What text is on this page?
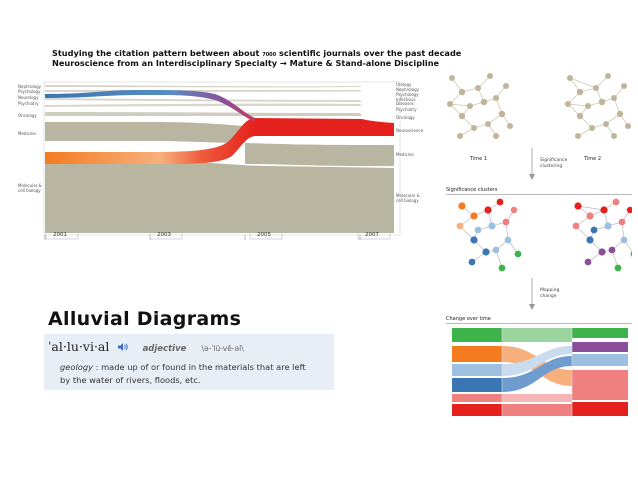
Studying the citation pattern between about 7000 scientific journals over the past decade
Neuroscience from an Interdisciplinary Specialty → Mature & Stand-alone Discipline
Nephrology
Psychology
Neurology
Psychiatry
Oncology
Medicine
Molecular &
cell biology
Urology
Nephrology
Psychology
Infectious
Diseases
Psychiatry
Oncology
Neuroscience
Medicine
Molecular &
cell biology
2001	2003	2005	2007
Alluvial Diagrams
ˈal·lu·vi·al	adjective \ə-ˈlü-vē-əl\
geology : made up of or found in the materials that are left
by the water of rivers, floods, etc.
Time 1	Time 2
Significance
clustering
Significance clusters
Mapping
change
Change over time
